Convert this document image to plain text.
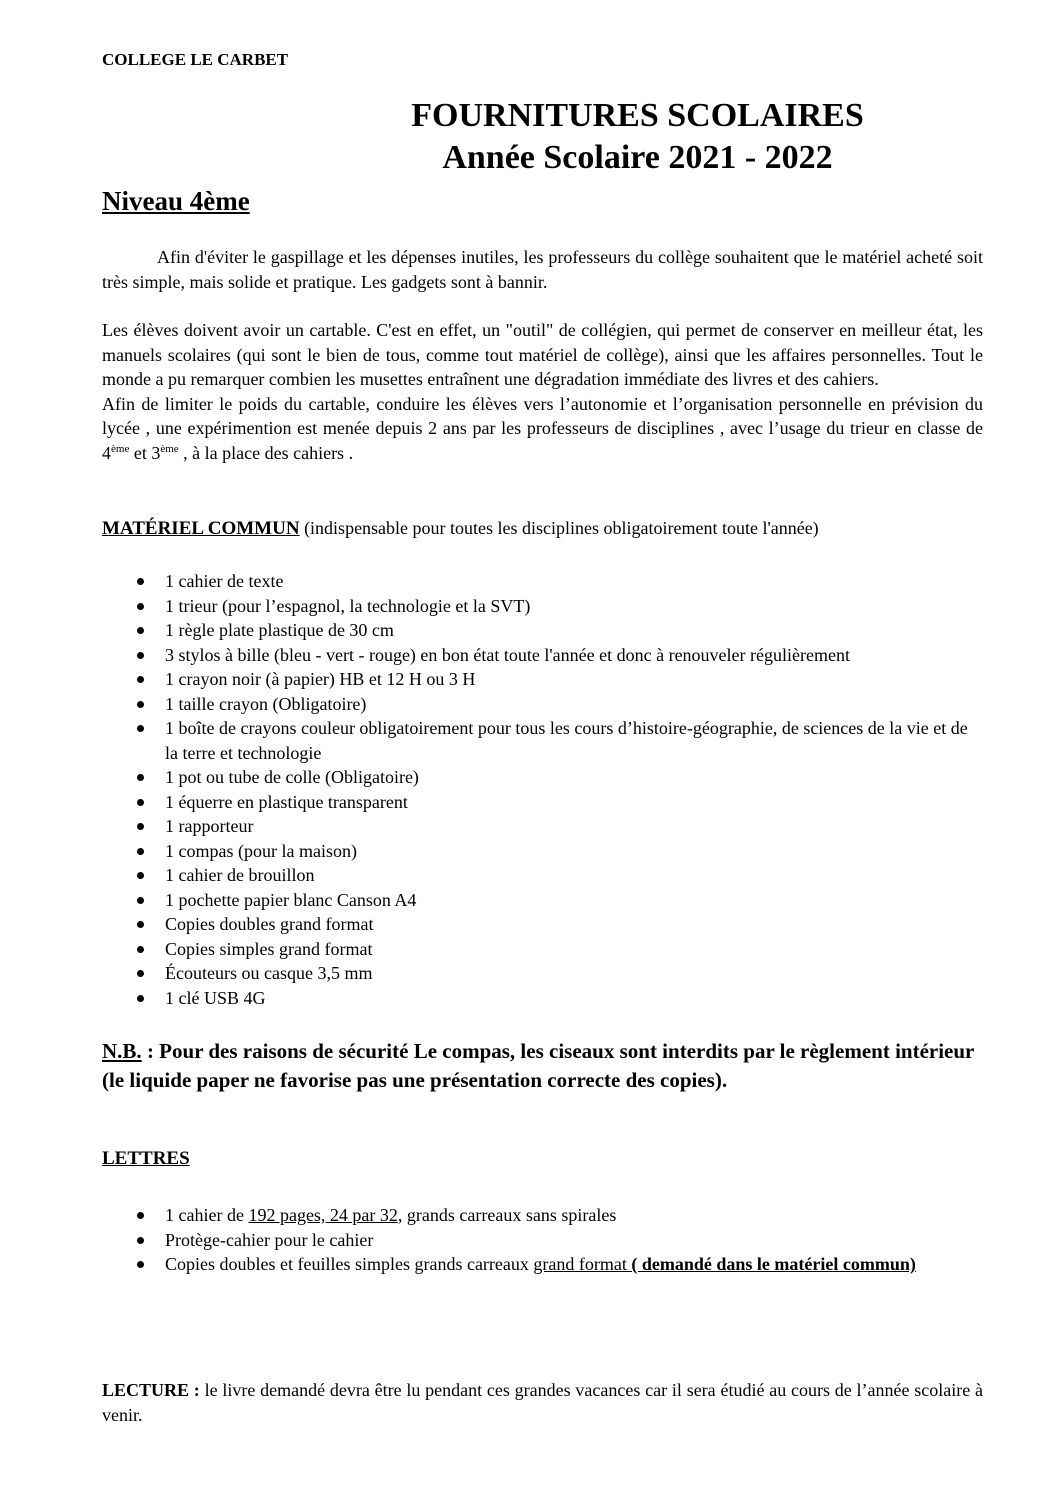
COLLEGE LE CARBET
FOURNITURES SCOLAIRES
Année Scolaire 2021 - 2022
Niveau 4ème

Afin d'éviter le gaspillage et les dépenses inutiles, les professeurs du collège souhaitent que le matériel acheté soit très simple, mais solide et pratique. Les gadgets sont à bannir.

Les élèves doivent avoir un cartable. C'est en effet, un "outil" de collégien, qui permet de conserver en meilleur état, les manuels scolaires (qui sont le bien de tous, comme tout matériel de collège), ainsi que les affaires personnelles. Tout le monde a pu remarquer combien les musettes entraînent une dégradation immédiate des livres et des cahiers.
Afin de limiter le poids du cartable, conduire les élèves vers l’autonomie et l’organisation personnelle en prévision du lycée , une expérimention est menée depuis 2 ans par les professeurs de disciplines , avec l’usage du trieur en classe de 4ème et 3ème , à la place des cahiers .

MATÉRIEL COMMUN (indispensable pour toutes les disciplines obligatoirement toute l'année)
1 cahier de texte
1 trieur (pour l’espagnol, la technologie et la SVT)
1 règle plate plastique de 30 cm
3 stylos à bille (bleu - vert - rouge) en bon état toute l'année et donc à renouveler régulièrement
1 crayon noir (à papier) HB et 12 H ou 3 H
1 taille crayon (Obligatoire)
1 boîte de crayons couleur obligatoirement pour tous les cours d’histoire-géographie, de sciences de la vie et de la terre et technologie
1 pot ou tube de colle (Obligatoire)
1 équerre en plastique transparent
1 rapporteur
1 compas (pour la maison)
1 cahier de brouillon
1 pochette papier blanc Canson A4
Copies doubles grand format
Copies simples grand format
Écouteurs ou casque 3,5 mm
1 clé USB 4G

N.B. : Pour des raisons de sécurité Le compas, les ciseaux sont interdits par le règlement intérieur (le liquide paper ne favorise pas une présentation correcte des copies).

LETTRES
1 cahier de 192 pages, 24 par 32, grands carreaux sans spirales
Protège-cahier pour le cahier
Copies doubles et feuilles simples grands carreaux grand format ( demandé dans le matériel commun)

LECTURE : le livre demandé devra être lu pendant ces grandes vacances car il sera étudié au cours de l’année scolaire à venir.
